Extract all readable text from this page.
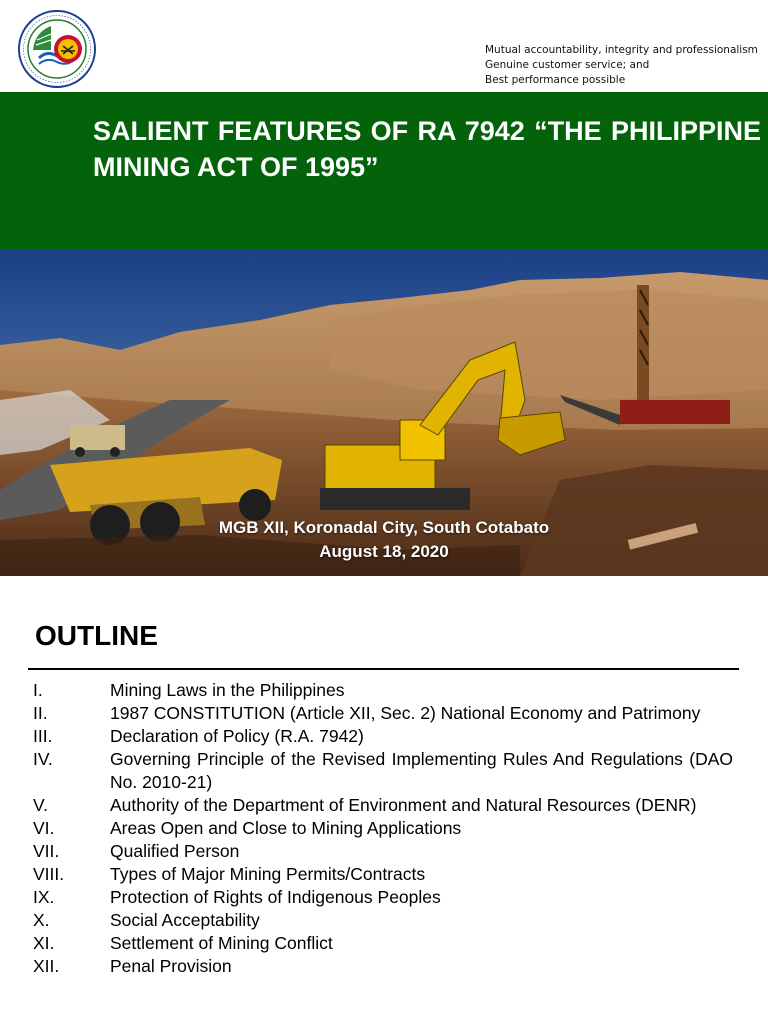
Mutual accountability, integrity and professionalism
Genuine customer service; and
Best performance possible
SALIENT FEATURES OF RA 7942 “THE PHILIPPINE MINING ACT OF 1995”
MGB XII, Koronadal City, South Cotabato
August 18, 2020
OUTLINE
I.	Mining Laws in the Philippines
II.	1987 CONSTITUTION (Article XII, Sec. 2) National Economy and Patrimony
III.	Declaration of Policy (R.A. 7942)
IV.	Governing Principle of the Revised Implementing Rules And Regulations (DAO No. 2010-21)
V.	Authority of the Department of Environment and Natural Resources (DENR)
VI.	Areas Open and Close to Mining Applications
VII.	Qualified Person
VIII.	Types of Major Mining Permits/Contracts
IX.	Protection of Rights of Indigenous Peoples
X.	Social Acceptability
XI.	Settlement of Mining Conflict
XII.	Penal Provision
